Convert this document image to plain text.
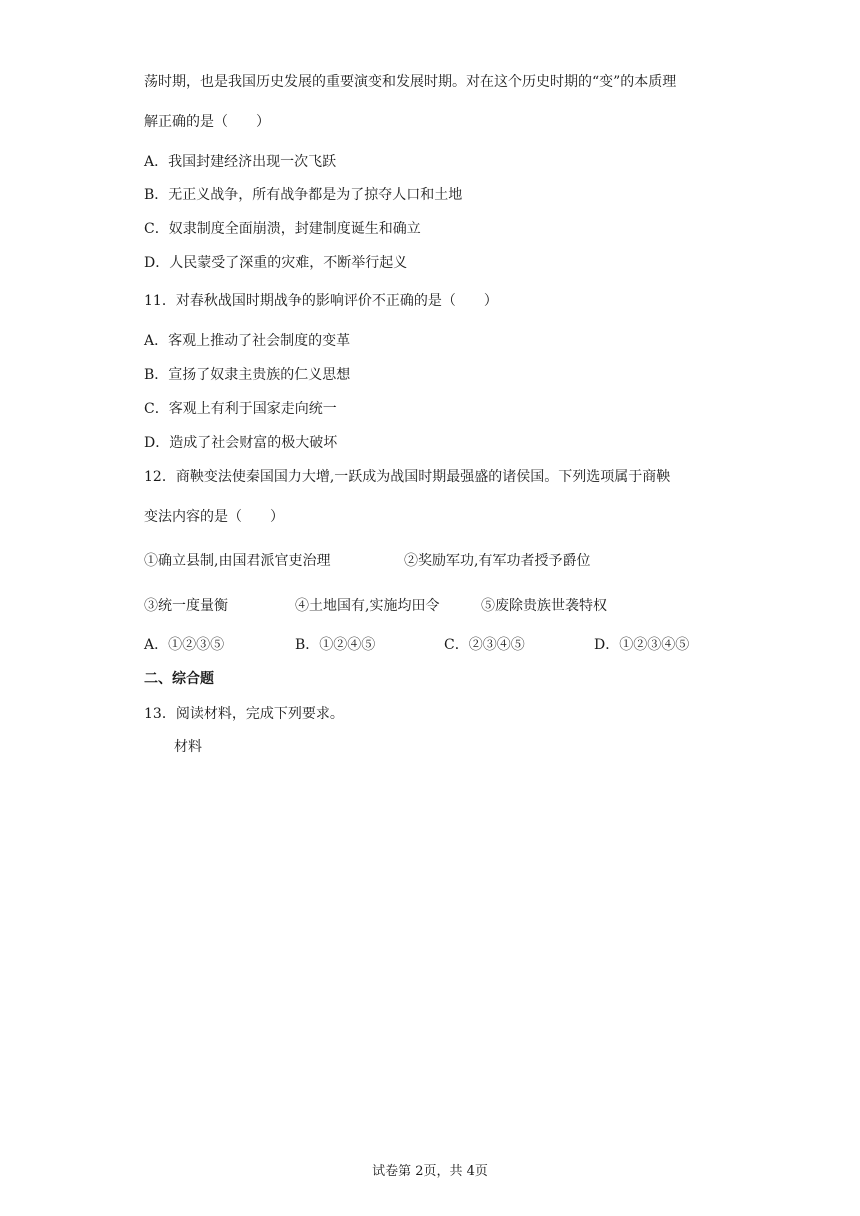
荡时期，也是我国历史发展的重要演变和发展时期。对在这个历史时期的“变”的本质理
解正确的是（　　）
A．我国封建经济出现一次飞跃
B．无正义战争，所有战争都是为了掠夺人口和土地
C．奴隶制度全面崩溃，封建制度诞生和确立
D．人民蒙受了深重的灾难，不断举行起义
11．对春秋战国时期战争的影响评价不正确的是（　　）
A．客观上推动了社会制度的变革
B．宣扬了奴隶主贵族的仁义思想
C．客观上有利于国家走向统一
D．造成了社会财富的极大破坏
12．商鞅变法使秦国国力大增,一跃成为战国时期最强盛的诸侯国。下列选项属于商鞅
变法内容的是（　　）
①确立县制,由国君派官吏治理	②奖励军功,有军功者授予爵位
③统一度量衡	④土地国有,实施均田令	⑤废除贵族世袭特权
A．①②③⑤	B．①②④⑤	C．②③④⑤	D．①②③④⑤
二、综合题
13．阅读材料，完成下列要求。
材料
试卷第 2页，共 4页
